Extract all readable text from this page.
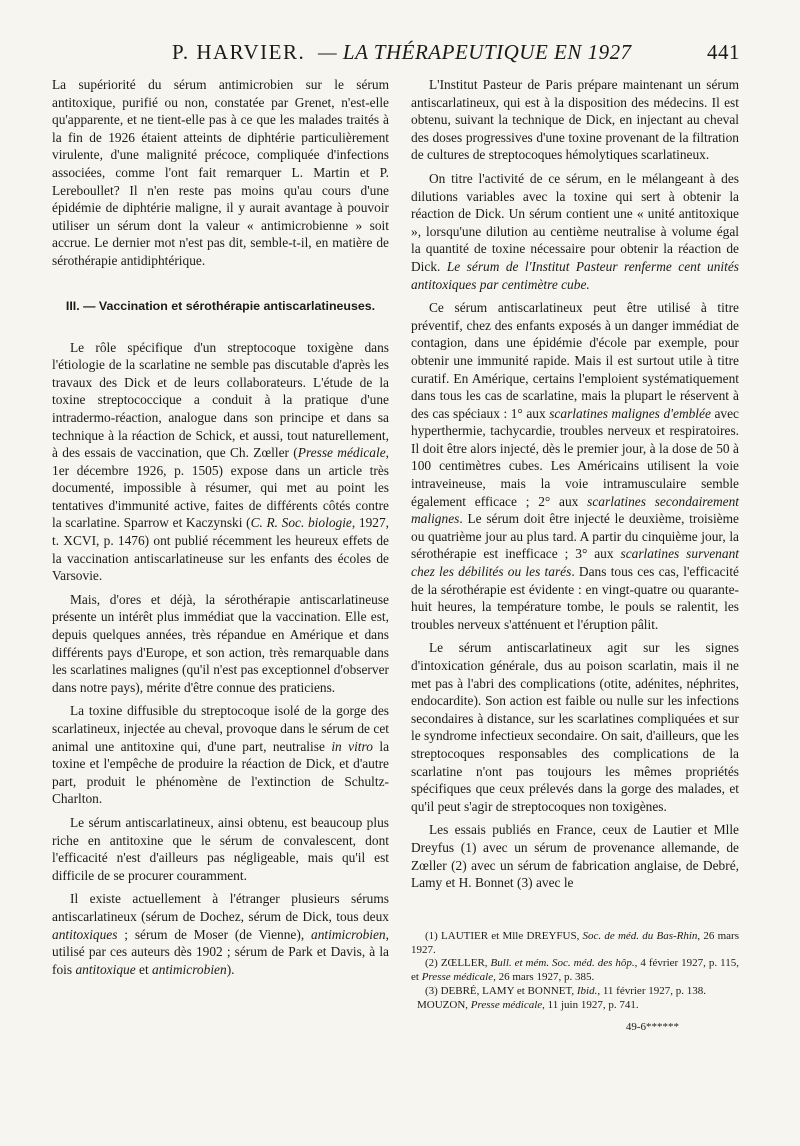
P. HARVIER. — LA THÉRAPEUTIQUE EN 1927	441

La supériorité du sérum antimicrobien sur le sérum antitoxique, purifié ou non, constatée par Grenet, n'est-elle qu'apparente, et ne tient-elle pas à ce que les malades traités à la fin de 1926 étaient atteints de diphtérie particulièrement virulente, d'une malignité précoce, compliquée d'infections associées, comme l'ont fait remarquer L. Martin et P. Lereboullet? Il n'en reste pas moins qu'au cours d'une épidémie de diphtérie maligne, il y aurait avantage à pouvoir utiliser un sérum dont la valeur « antimicrobienne » soit accrue. Le dernier mot n'est pas dit, semble-t-il, en matière de sérothérapie antidiphtérique.

III. — Vaccination et sérothérapie antiscarlatineuses.

Le rôle spécifique d'un streptocoque toxigène dans l'étiologie de la scarlatine ne semble pas discutable d'après les travaux des Dick et de leurs collaborateurs. L'étude de la toxine streptococcique a conduit à la pratique d'une intradermo-réaction, analogue dans son principe et dans sa technique à la réaction de Schick, et aussi, tout naturellement, à des essais de vaccination, que Ch. Zœller (Presse médicale, 1er décembre 1926, p. 1505) expose dans un article très documenté, impossible à résumer, qui met au point les tentatives d'immunité active, faites de différents côtés contre la scarlatine. Sparrow et Kaczynski (C. R. Soc. biologie, 1927, t. XCVI, p. 1476) ont publié récemment les heureux effets de la vaccination antiscarlatineuse sur les enfants des écoles de Varsovie.

Mais, d'ores et déjà, la sérothérapie antiscarlatineuse présente un intérêt plus immédiat que la vaccination. Elle est, depuis quelques années, très répandue en Amérique et dans différents pays d'Europe, et son action, très remarquable dans les scarlatines malignes (qu'il n'est pas exceptionnel d'observer dans notre pays), mérite d'être connue des praticiens.

La toxine diffusible du streptocoque isolé de la gorge des scarlatineux, injectée au cheval, provoque dans le sérum de cet animal une antitoxine qui, d'une part, neutralise in vitro la toxine et l'empêche de produire la réaction de Dick, et d'autre part, produit le phénomène de l'extinction de Schultz-Charlton.

Le sérum antiscarlatineux, ainsi obtenu, est beaucoup plus riche en antitoxine que le sérum de convalescent, dont l'efficacité n'est d'ailleurs pas négligeable, mais qu'il est difficile de se procurer couramment.

Il existe actuellement à l'étranger plusieurs sérums antiscarlatineux (sérum de Dochez, sérum de Dick, tous deux antitoxiques ; sérum de Moser (de Vienne), antimicrobien, utilisé par ces auteurs dès 1902 ; sérum de Park et Davis, à la fois antitoxique et antimicrobien).

L'Institut Pasteur de Paris prépare maintenant un sérum antiscarlatineux, qui est à la disposition des médecins. Il est obtenu, suivant la technique de Dick, en injectant au cheval des doses progressives d'une toxine provenant de la filtration de cultures de streptocoques hémolytiques scarlatineux.

On titre l'activité de ce sérum, en le mélangeant à des dilutions variables avec la toxine qui sert à obtenir la réaction de Dick. Un sérum contient une « unité antitoxique », lorsqu'une dilution au centième neutralise à volume égal la quantité de toxine nécessaire pour obtenir la réaction de Dick. Le sérum de l'Institut Pasteur renferme cent unités antitoxiques par centimètre cube.

Ce sérum antiscarlatineux peut être utilisé à titre préventif, chez des enfants exposés à un danger immédiat de contagion, dans une épidémie d'école par exemple, pour obtenir une immunité rapide. Mais il est surtout utile à titre curatif. En Amérique, certains l'emploient systématiquement dans tous les cas de scarlatine, mais la plupart le réservent à des cas spéciaux : 1° aux scarlatines malignes d'emblée avec hyperthermie, tachycardie, troubles nerveux et respiratoires. Il doit être alors injecté, dès le premier jour, à la dose de 50 à 100 centimètres cubes. Les Américains utilisent la voie intraveineuse, mais la voie intramusculaire semble également efficace ; 2° aux scarlatines secondairement malignes. Le sérum doit être injecté le deuxième, troisième ou quatrième jour au plus tard. A partir du cinquième jour, la sérothérapie est inefficace ; 3° aux scarlatines survenant chez les débilités ou les tarés. Dans tous ces cas, l'efficacité de la sérothérapie est évidente : en vingt-quatre ou quarante-huit heures, la température tombe, le pouls se ralentit, les troubles nerveux s'atténuent et l'éruption pâlit.

Le sérum antiscarlatineux agit sur les signes d'intoxication générale, dus au poison scarlatin, mais il ne met pas à l'abri des complications (otite, adénites, néphrites, endocardite). Son action est faible ou nulle sur les infections secondaires à distance, sur les scarlatines compliquées et sur le syndrome infectieux secondaire. On sait, d'ailleurs, que les streptocoques responsables des complications de la scarlatine n'ont pas toujours les mêmes propriétés spécifiques que ceux prélevés dans la gorge des malades, et qu'il peut s'agir de streptocoques non toxigènes.

Les essais publiés en France, ceux de Lautier et Mlle Dreyfus (1) avec un sérum de provenance allemande, de Zœller (2) avec un sérum de fabrication anglaise, de Debré, Lamy et H. Bonnet (3) avec le

(1) LAUTIER et Mlle DREYFUS, Soc. de méd. du Bas-Rhin, 26 mars 1927.

(2) ZŒLLER, Bull. et mém. Soc. méd. des hôp., 4 février 1927, p. 115, et Presse médicale, 26 mars 1927, p. 385.

(3) DEBRÉ, LAMY et BONNET, Ibid., 11 février 1927, p. 138.

MOUZON, Presse médicale, 11 juin 1927, p. 741.

49-6******
